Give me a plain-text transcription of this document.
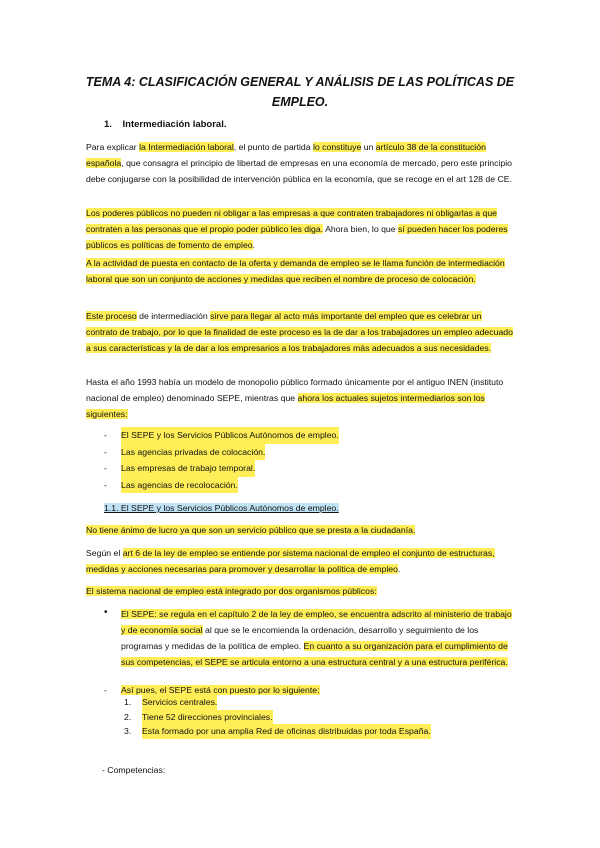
TEMA 4: CLASIFICACIÓN GENERAL Y ANÁLISIS DE LAS POLÍTICAS DE EMPLEO.
1. Intermediación laboral.

Para explicar la Intermediación laboral, el punto de partida lo constituye un artículo 38 de la constitución española, que consagra el principio de libertad de empresas en una economía de mercado, pero este principio debe conjugarse con la posibilidad de intervención pública en la economía, que se recoge en el art 128 de CE.

Los poderes públicos no pueden ni obligar a las empresas a que contraten trabajadores ni obligarlas a que contraten a las personas que el propio poder público les diga. Ahora bien, lo que sí pueden hacer los poderes públicos es políticas de fomento de empleo.

A la actividad de puesta en contacto de la oferta y demanda de empleo se le llama función de intermediación laboral que son un conjunto de acciones y medidas que reciben el nombre de proceso de colocación.

Este proceso de intermediación sirve para llegar al acto más importante del empleo que es celebrar un contrato de trabajo, por lo que la finalidad de este proceso es la de dar a los trabajadores un empleo adecuado a sus características y la de dar a los empresarios a los trabajadores más adecuados a sus necesidades.

Hasta el año 1993 había un modelo de monopolio público formado únicamente por el antiguo INEN (instituto nacional de empleo) denominado SEPE, mientras que ahora los actuales sujetos intermediarios son los siguientes:

-	El SEPE y los Servicios Públicos Autónomos de empleo.
-	Las agencias privadas de colocación.
-	Las empresas de trabajo temporal.
-	Las agencias de recolocación.

1.1. El SEPE y los Servicios Públicos Autónomos de empleo.

No tiene ánimo de lucro ya que son un servicio público que se presta a la ciudadanía.

Según el art 6 de la ley de empleo se entiende por sistema nacional de empleo el conjunto de estructuras, medidas y acciones necesarias para promover y desarrollar la política de empleo.

El sistema nacional de empleo está integrado por dos organismos públicos:

• El SEPE: se regula en el capítulo 2 de la ley de empleo, se encuentra adscrito al ministerio de trabajo y de economía social al que se le encomienda la ordenación, desarrollo y seguimiento de los programas y medidas de la política de empleo. En cuanto a su organización para el cumplimiento de sus competencias, el SEPE se articula entorno a una estructura central y a una estructura periférica.

- Así pues, el SEPE está con puesto por lo siguiente:

1.	Servicios centrales.
2.	Tiene 52 direcciones provinciales.
3.	Esta formado por una amplia Red de oficinas distribuidas por toda España.

- Competencias:
